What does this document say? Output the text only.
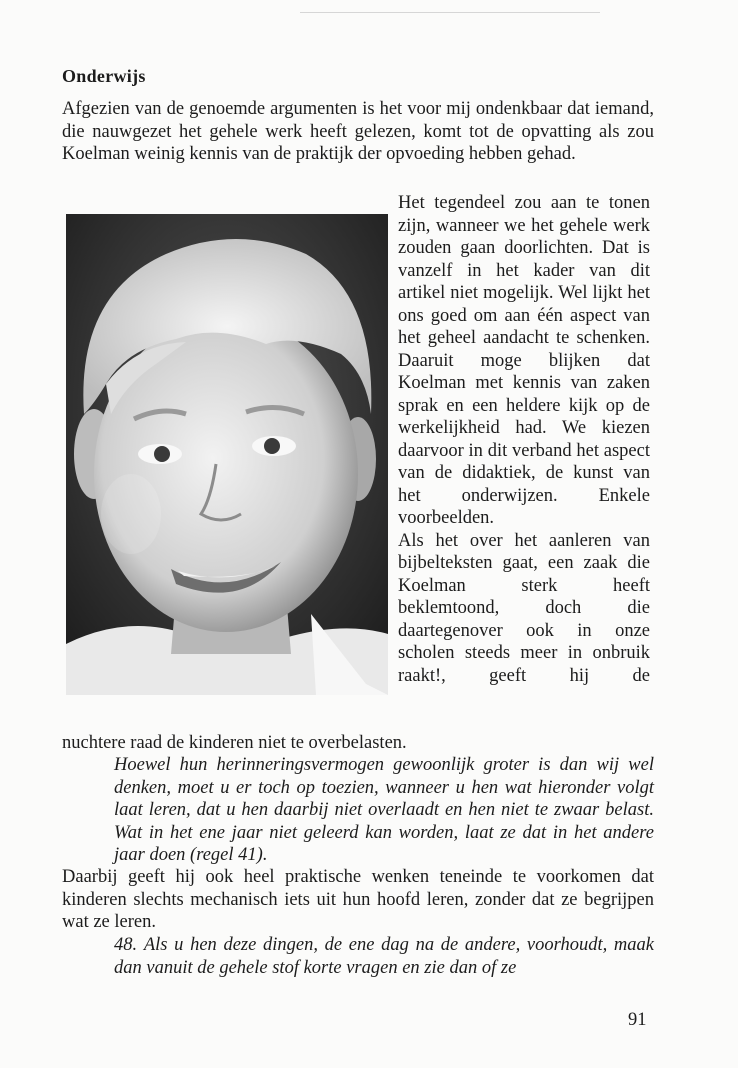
Onderwijs
Afgezien van de genoemde argumenten is het voor mij ondenkbaar dat iemand, die nauwgezet het gehele werk heeft gelezen, komt tot de opvatting als zou Koelman weinig kennis van de praktijk der opvoeding hebben gehad.

Het tegendeel zou aan te tonen zijn, wanneer we het gehele werk zouden gaan doorlichten. Dat is vanzelf in het kader van dit artikel niet mogelijk. Wel lijkt het ons goed om aan één aspect van het geheel aandacht te schenken. Daaruit moge blijken dat Koelman met kennis van zaken sprak en een heldere kijk op de werkelijkheid had. We kiezen daarvoor in dit verband het aspect van de didaktiek, de kunst van het onderwijzen. Enkele voorbeelden.

Als het over het aanleren van bijbelteksten gaat, een zaak die Koelman sterk heeft beklemtoond, doch die daartegenover ook in onze scholen steeds meer in onbruik raakt!, geeft hij de

nuchtere raad de kinderen niet te overbelasten.
Hoewel hun herinneringsvermogen gewoonlijk groter is dan wij wel denken, moet u er toch op toezien, wanneer u hen wat hieronder volgt laat leren, dat u hen daarbij niet overlaadt en hen niet te zwaar belast. Wat in het ene jaar niet geleerd kan worden, laat ze dat in het andere jaar doen (regel 41).
Daarbij geeft hij ook heel praktische wenken teneinde te voorkomen dat kinderen slechts mechanisch iets uit hun hoofd leren, zonder dat ze begrijpen wat ze leren.
48. Als u hen deze dingen, de ene dag na de andere, voorhoudt, maak dan vanuit de gehele stof korte vragen en zie dan of ze
91
